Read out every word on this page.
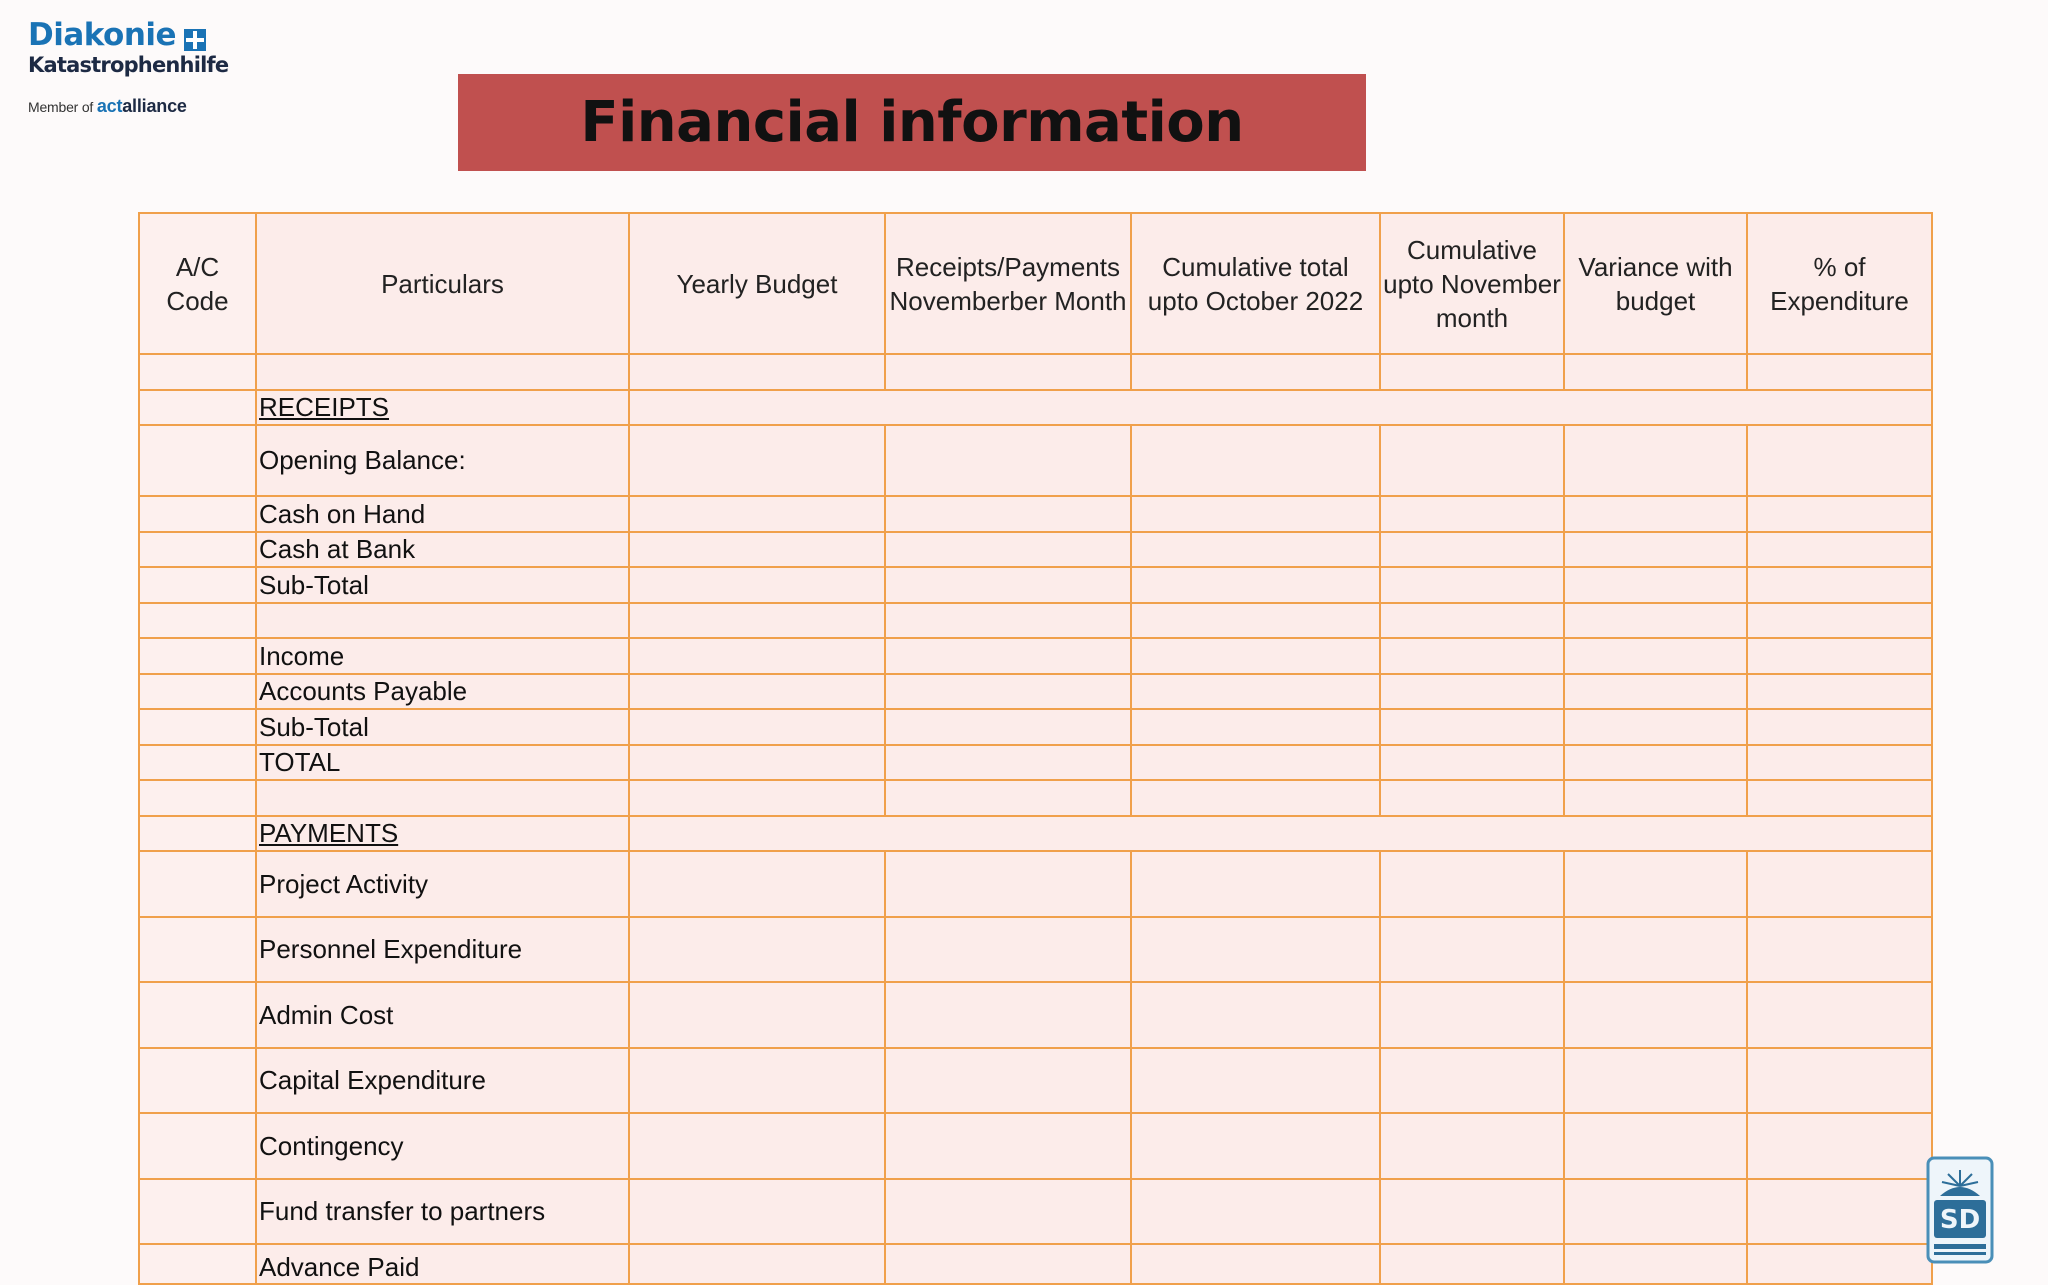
Diakonie
Katastrophenhilfe
Member of actalliance	Financial information
A/C Code	Particulars	Yearly Budget	Receipts/Payments Novemberber Month	Cumulative total upto October 2022	Cumulative upto November month	Variance with budget	% of Expenditure

	RECEIPTS						
	Opening Balance:						
	Cash on Hand						
	Cash at Bank						
	Sub-Total						

	Income						
	Accounts Payable						
	Sub-Total						
	TOTAL						

	PAYMENTS						
	Project Activity						
	Personnel Expenditure						
	Admin Cost						
	Capital Expenditure						
	Contingency						
	Fund transfer to partners						
	Advance Paid						
SD
